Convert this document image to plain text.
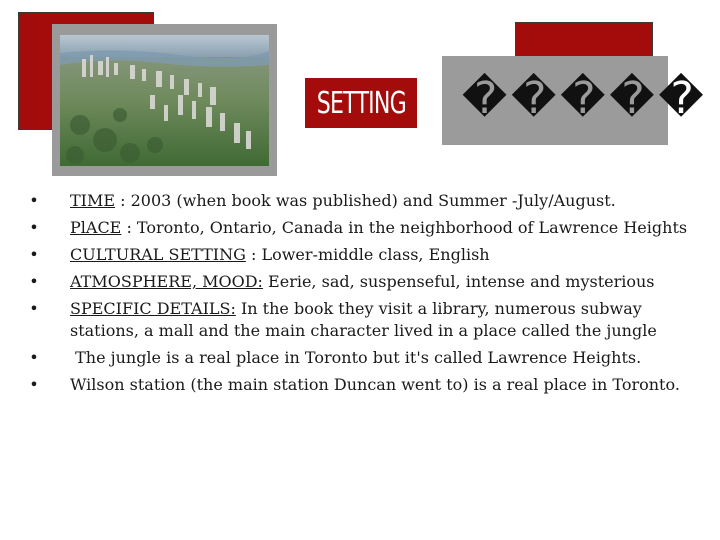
SETTING �����
• TIME : 2003 (when book was published) and Summer -July/August.
• PlACE : Toronto, Ontario, Canada in the neighborhood of Lawrence Heights
• CULTURAL SETTING : Lower-middle class, English
• ATMOSPHERE, MOOD: Eerie, sad, suspenseful, intense and mysterious
• SPECIFIC DETAILS: In the book they visit a library, numerous subway stations, a mall and the main character lived in a place called the jungle
• The jungle is a real place in Toronto but it's called Lawrence Heights.
• Wilson station (the main station Duncan went to) is a real place in Toronto.
